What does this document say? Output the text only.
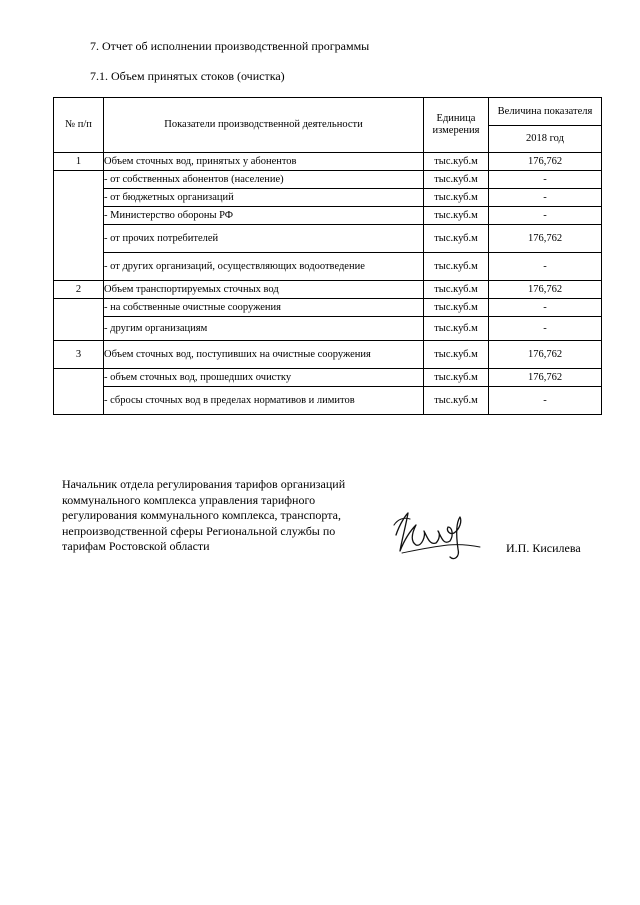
7. Отчет об исполнении производственной программы
7.1. Объем принятых стоков (очистка)
№ п/п	Показатели производственной деятельности	Единица измерения	Величина показателя
			2018 год
1	Объем сточных вод, принятых у абонентов	тыс.куб.м	176,762
	- от собственных абонентов (население)	тыс.куб.м	-
	- от бюджетных организаций	тыс.куб.м	-
	- Министерство обороны РФ	тыс.куб.м	-
	- от прочих потребителей	тыс.куб.м	176,762
	- от других организаций, осуществляющих водоотведение	тыс.куб.м	-
2	Объем транспортируемых сточных вод	тыс.куб.м	176,762
	- на собственные очистные сооружения	тыс.куб.м	-
	- другим организациям	тыс.куб.м	-
3	Объем сточных вод, поступивших на очистные сооружения	тыс.куб.м	176,762
	- объем сточных вод, прошедших очистку	тыс.куб.м	176,762
	- сбросы сточных вод в пределах нормативов и лимитов	тыс.куб.м	-
Начальник отдела регулирования тарифов организаций коммунального комплекса управления тарифного регулирования коммунального комплекса, транспорта, непроизводственной сферы Региональной службы по тарифам Ростовской области	И.П. Кисилева
